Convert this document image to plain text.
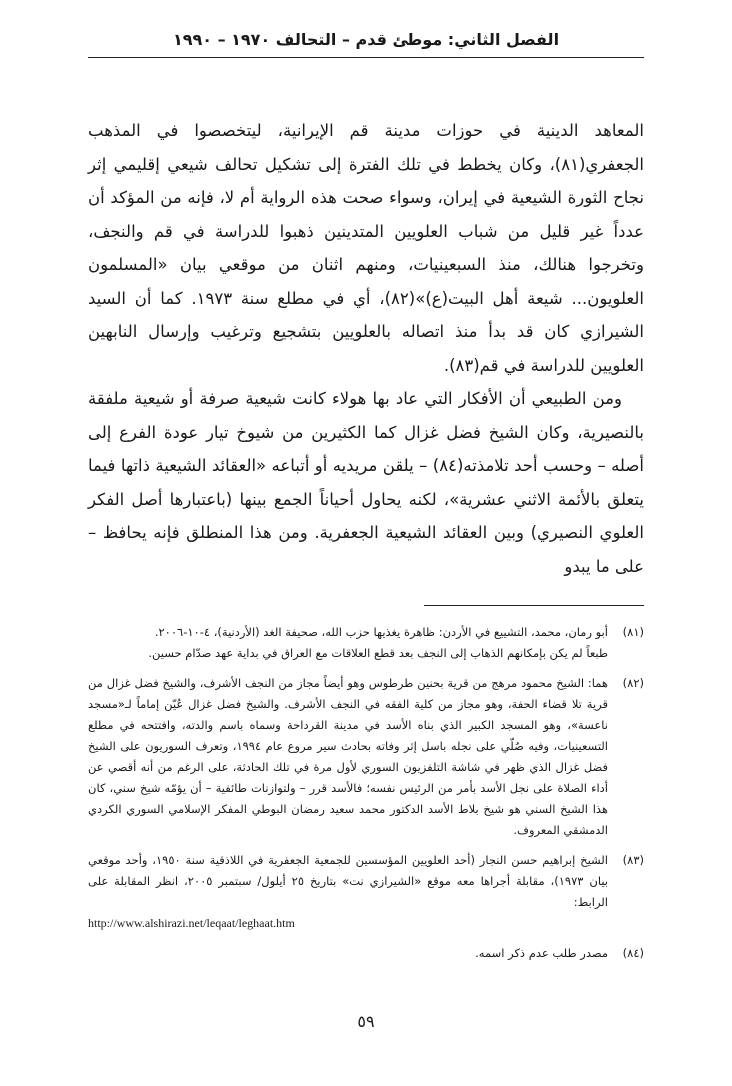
الفصل الثاني: موطئ قدم – التحالف ١٩٧٠ – ١٩٩٠

المعاهد الدينية في حوزات مدينة قم الإيرانية، ليتخصصوا في المذهب الجعفري(٨١)، وكان يخطط في تلك الفترة إلى تشكيل تحالف شيعي إقليمي إثر نجاح الثورة الشيعية في إيران، وسواء صحت هذه الرواية أم لا، فإنه من المؤكد أن عدداً غير قليل من شباب العلويين المتدينين ذهبوا للدراسة في قم والنجف، وتخرجوا هنالك، منذ السبعينيات، ومنهم اثنان من موقعي بيان «المسلمون العلويون... شيعة أهل البيت(ع)»(٨٢)، أي في مطلع سنة ١٩٧٣. كما أن السيد الشيرازي كان قد بدأ منذ اتصاله بالعلويين بتشجيع وترغيب وإرسال النابهين العلويين للدراسة في قم(٨٣).

ومن الطبيعي أن الأفكار التي عاد بها هولاء كانت شيعية صرفة أو شيعية ملفقة بالنصيرية، وكان الشيخ فضل غزال كما الكثيرين من شيوخ تيار عودة الفرع إلى أصله – وحسب أحد تلامذته(٨٤) – يلقن مريديه أو أتباعه «العقائد الشيعية ذاتها فيما يتعلق بالأئمة الاثني عشرية»، لكنه يحاول أحياناً الجمع بينها (باعتبارها أصل الفكر العلوي النصيري) وبين العقائد الشيعية الجعفرية. ومن هذا المنطلق فإنه يحافظ – على ما يبدو

(٨١)
أبو رمان، محمد، التشييع في الأردن: ظاهرة يغذيها حزب الله، صحيفة الغد (الأردنية)، ٤-١٠-٢٠٠٦.
طبعاً لم يكن بإمكانهم الذهاب إلى النجف بعد قطع العلاقات مع العراق في بداية عهد صدّام حسين.
(٨٢)
هما: الشيخ محمود مرهج من قرية بحنين طرطوس وهو أيضاً مجاز من النجف الأشرف، والشيخ فضل غزال من قرية تلا قضاء الحفة، وهو مجاز من كلية الفقه في النجف الأشرف. والشيخ فضل غزال عُيّن إماماً لـ«مسجد ناعسة»، وهو المسجد الكبير الذي بناه الأسد في مدينة القرداحة وسماه باسم والدته، وافتتحه في مطلع التسعينيات، وفيه صُلّي على نجله باسل إثر وفاته بحادث سير مروع عام ١٩٩٤، وتعرف السوريون على الشيخ فضل غزال الذي ظهر في شاشة التلفزيون السوري لأول مرة في تلك الحادثة، على الرغم من أنه أقصي عن أداء الصلاة على نجل الأسد بأمر من الرئيس نفسه؛ فالأسد قرر – ولتوازنات طائفية – أن يؤمّه شيخ سني، كان هذا الشيخ السني هو شيخ بلاط الأسد الدكتور محمد سعيد رمضان البوطي المفكر الإسلامي السوري الكردي الدمشقي المعروف.
(٨٣)
الشيخ إبراهيم حسن النجار (أحد العلويين المؤسسين للجمعية الجعفرية في اللاذقية سنة ١٩٥٠، وأحد موقعي بيان ١٩٧٣)، مقابلة أجراها معه موقع «الشيرازي نت» بتاريخ ٢٥ أيلول/ سبتمبر ٢٠٠٥، انظر المقابلة على الرابط:
http://www.alshirazi.net/leqaat/leghaat.htm
(٨٤)
مصدر طلب عدم ذكر اسمه.
٥٩
